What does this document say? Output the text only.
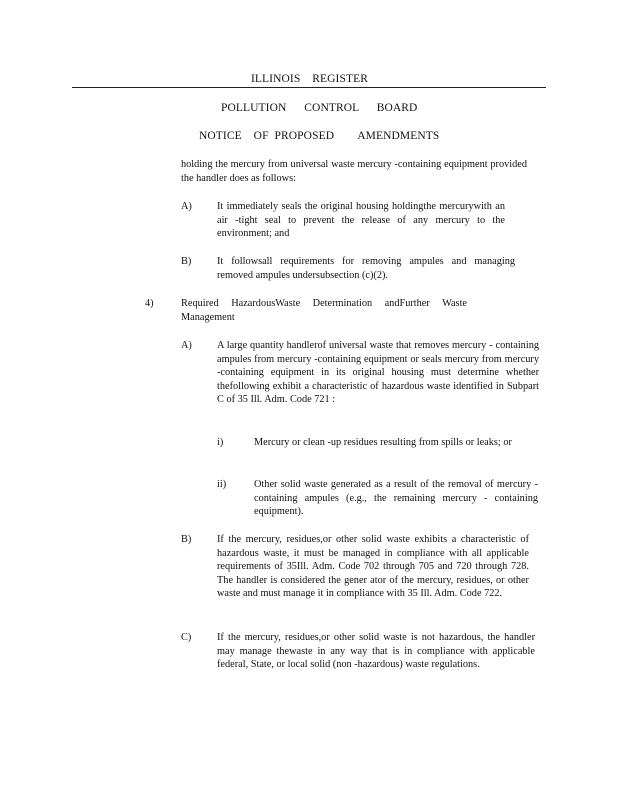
ILLINOIS    REGISTER
POLLUTION      CONTROL      BOARD
NOTICE    OF  PROPOSED        AMENDMENTS
holding the mercury from universal waste mercury -containing equipment provided the handler does as follows:
A) It immediately seals the original housing holdingthe mercurywith an air -tight seal to prevent the release of any mercury to the environment; and
B) It followsall requirements for removing ampules and managing removed ampules undersubsection (c)(2).
4)	Required HazardousWaste Determination andFurther Waste Management
A) A large quantity handlerof universal waste that removes mercury - containing ampules from mercury -containing equipment or seals mercury from mercury -containing equipment in its original housing must determine whether thefollowing exhibit a characteristic of hazardous waste identified in Subpart C of 35 Ill. Adm. Code 721 :
i)	Mercury or clean -up residues resulting from spills or leaks; or
ii)	Other solid waste generated as a result of the removal of mercury -containing ampules (e.g., the remaining mercury - containing equipment).
B) If the mercury, residues,or other solid waste exhibits a characteristic of hazardous waste, it must be managed in compliance with all applicable requirements of 35Ill. Adm. Code 702 through 705 and 720 through 728. The handler is considered the gener ator of the mercury, residues, or other waste and must manage it in compliance with 35 Ill. Adm. Code 722.
C) If the mercury, residues,or other solid waste is not hazardous, the handler may manage thewaste in any way that is in compliance with applicable federal, State, or local solid (non -hazardous) waste regulations.
